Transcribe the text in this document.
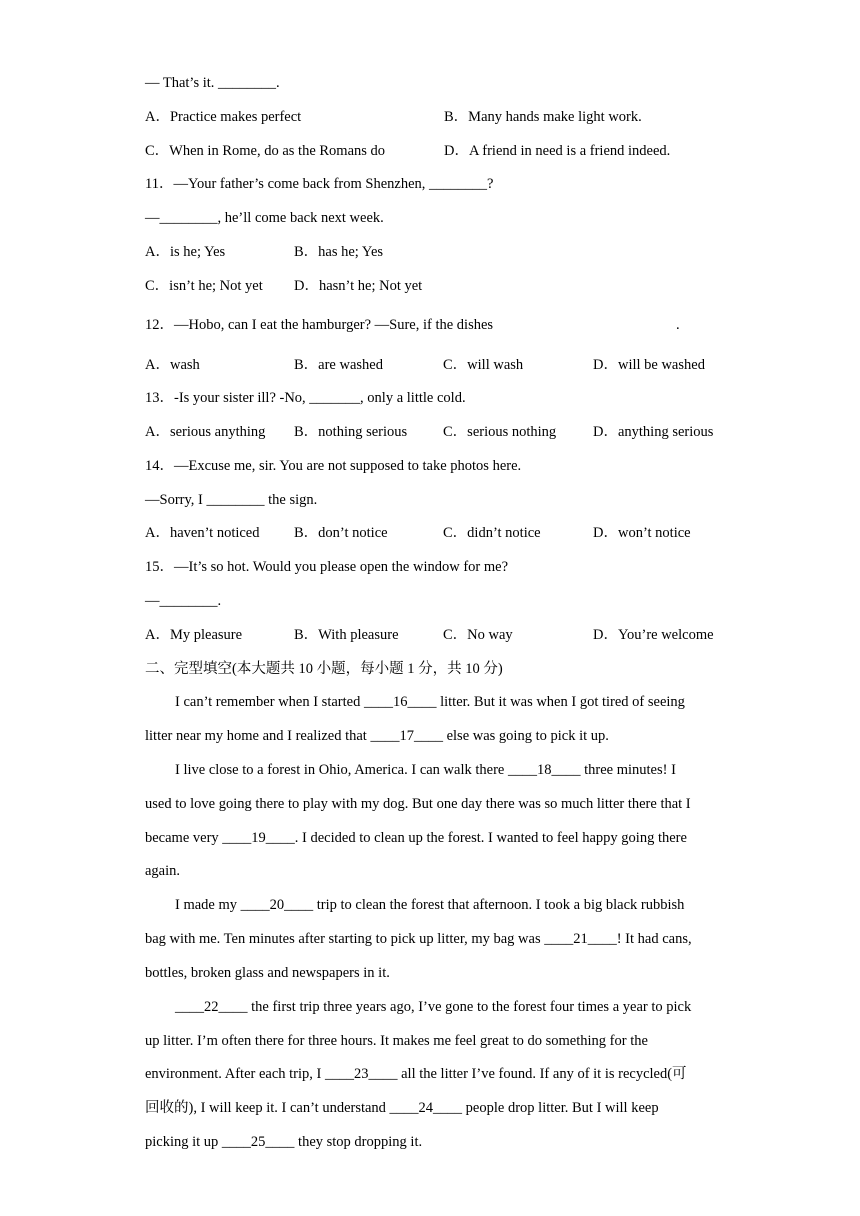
— That’s it. ________.
A．Practice makes perfect	B．Many hands make light work.
C．When in Rome, do as the Romans do	D．A friend in need is a friend indeed.
11．—Your father’s come back from Shenzhen, ________?
—________, he’ll come back next week.
A．is he; Yes	B．has he; Yes
C．isn’t he; Not yet D．hasn’t he; Not yet
12．—Hobo, can I eat the hamburger? —Sure, if the dishes	.
A．wash	B．are washed	C．will wash	D．will be washed
13．-Is your sister ill? -No, _______, only a little cold.
A．serious anything B．nothing serious C．serious nothing	D．anything serious
14．—Excuse me, sir. You are not supposed to take photos here.
—Sorry, I ________ the sign.
A．haven’t noticed B．don’t notice	C．didn’t notice	D．won’t notice
15．—It’s so hot. Would you please open the window for me?
—________.
A．My pleasure	B．With pleasure	C．No way	D．You’re welcome
二、完型填空(本大题共 10 小题，每小题 1 分，共 10 分)
I can’t remember when I started ____16____ litter. But it was when I got tired of seeing
litter near my home and I realized that ____17____ else was going to pick it up.
I live close to a forest in Ohio, America. I can walk there ____18____ three minutes! I
used to love going there to play with my dog. But one day there was so much litter there that I
became very ____19____. I decided to clean up the forest. I wanted to feel happy going there
again.
I made my ____20____ trip to clean the forest that afternoon. I took a big black rubbish
bag with me. Ten minutes after starting to pick up litter, my bag was ____21____! It had cans,
bottles, broken glass and newspapers in it.
____22____ the first trip three years ago, I’ve gone to the forest four times a year to pick
up litter. I’m often there for three hours. It makes me feel great to do something for the
environment. After each trip, I ____23____ all the litter I’ve found. If any of it is recycled(可
回收的), I will keep it. I can’t understand ____24____ people drop litter. But I will keep
picking it up ____25____ they stop dropping it.
